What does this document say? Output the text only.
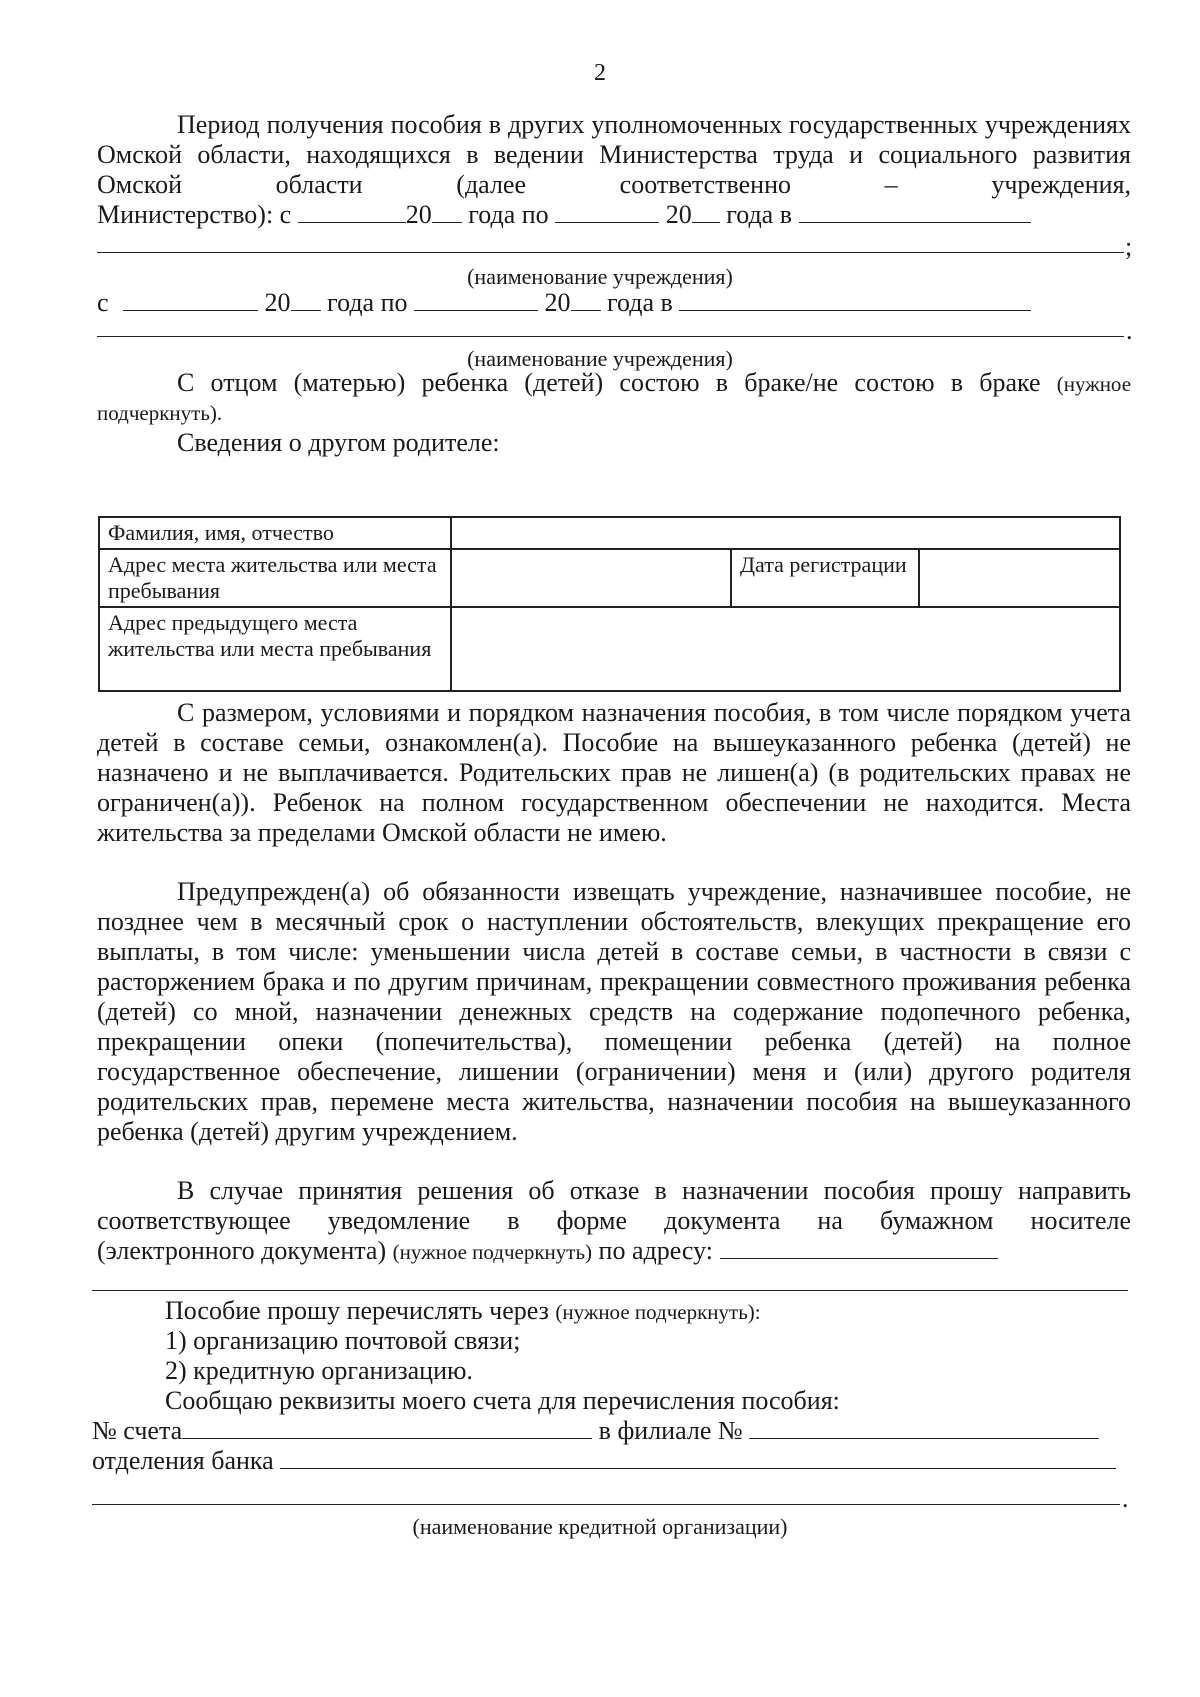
2
Период получения пособия в других уполномоченных государственных учреждениях Омской области, находящихся в ведении Министерства труда и социального развития Омской области (далее соответственно – учреждения,
Министерство): с	20 года по	20 года в
;
(наименование учреждения)
с	20 года по	20 года в
.
(наименование учреждения)
С отцом (матерью) ребенка (детей) состою в браке/не состою в браке (нужное
подчеркнуть).
Сведения о другом родителе:
Фамилия, имя, отчество			
Адрес места жительства или места пребывания		Дата регистрации	
Адрес предыдущего места жительства или места пребывания			
С размером, условиями и порядком назначения пособия, в том числе порядком учета детей в составе семьи, ознакомлен(а). Пособие на вышеуказанного ребенка (детей) не назначено и не выплачивается. Родительских прав не лишен(а) (в родительских правах не ограничен(а)). Ребенок на полном государственном обеспечении не находится. Места жительства за пределами Омской области не имею.
Предупрежден(а) об обязанности извещать учреждение, назначившее пособие, не позднее чем в месячный срок о наступлении обстоятельств, влекущих прекращение его выплаты, в том числе: уменьшении числа детей в составе семьи, в частности в связи с расторжением брака и по другим причинам, прекращении совместного проживания ребенка (детей) со мной, назначении денежных средств на содержание подопечного ребенка, прекращении опеки (попечительства), помещении ребенка (детей) на полное государственное обеспечение, лишении (ограничении) меня и (или) другого родителя родительских прав, перемене места жительства, назначении пособия на вышеуказанного ребенка (детей) другим учреждением.
В случае принятия решения об отказе в назначении пособия прошу направить соответствующее уведомление в форме документа на бумажном носителе
(электронного документа) (нужное подчеркнуть) по адресу:
Пособие прошу перечислять через (нужное подчеркнуть):
1) организацию почтовой связи;
2) кредитную организацию.
Сообщаю реквизиты моего счета для перечисления пособия:
№ счета	в филиале №
отделения банка
.
(наименование кредитной организации)
